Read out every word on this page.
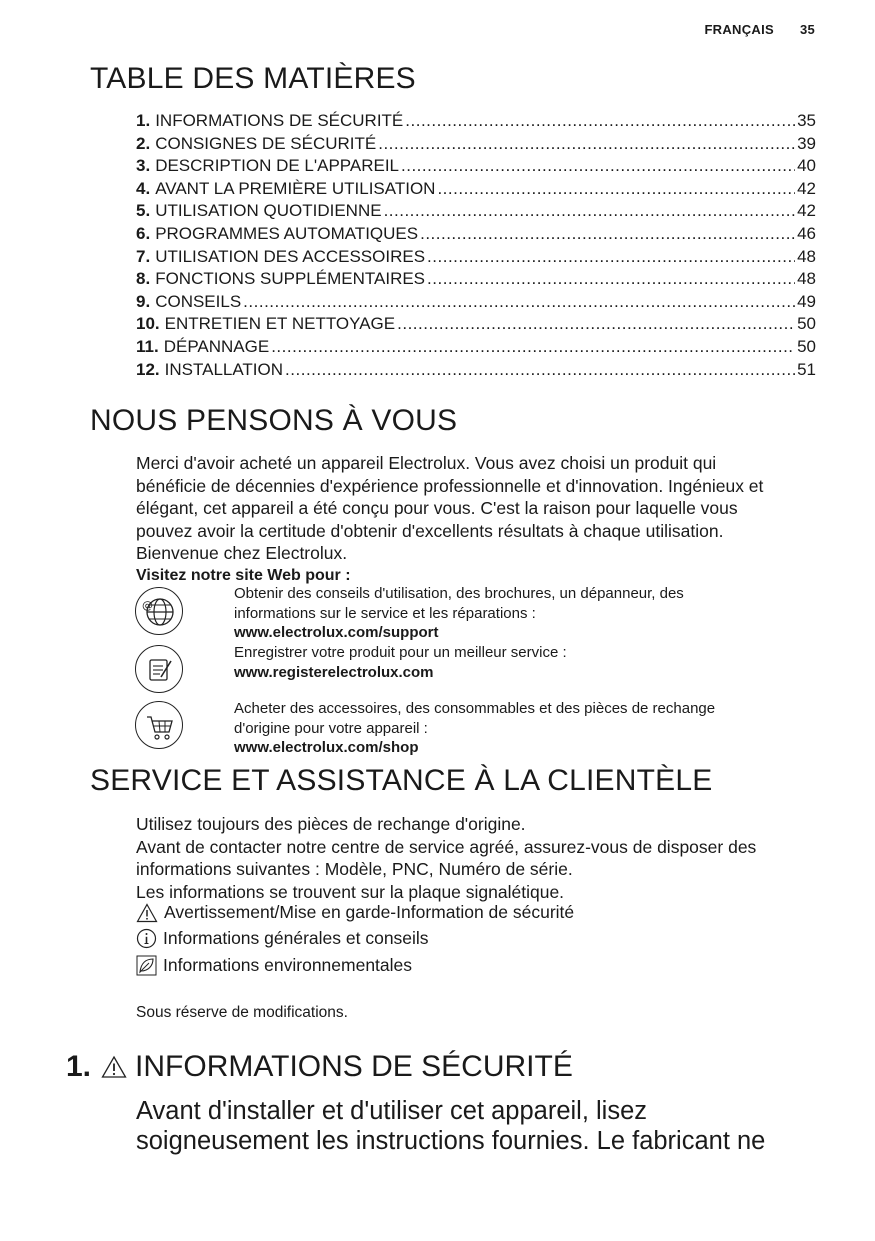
FRANÇAIS 35
TABLE DES MATIÈRES
1. INFORMATIONS DE SÉCURITÉ .....	35
2. CONSIGNES DE SÉCURITÉ .....	39
3. DESCRIPTION DE L'APPAREIL .....	40
4. AVANT LA PREMIÈRE UTILISATION .....	42
5. UTILISATION QUOTIDIENNE .....	42
6. PROGRAMMES AUTOMATIQUES .....	46
7. UTILISATION DES ACCESSOIRES .....	48
8. FONCTIONS SUPPLÉMENTAIRES .....	48
9. CONSEILS .....	49
10. ENTRETIEN ET NETTOYAGE .....	50
11. DÉPANNAGE .....	50
12. INSTALLATION .....	51
NOUS PENSONS À VOUS

Merci d'avoir acheté un appareil Electrolux. Vous avez choisi un produit qui

bénéficie de décennies d'expérience professionnelle et d'innovation. Ingénieux et

élégant, cet appareil a été conçu pour vous. C'est la raison pour laquelle vous

pouvez avoir la certitude d'obtenir d'excellents résultats à chaque utilisation.

Bienvenue chez Electrolux.

Visitez notre site Web pour :

@
Obtenir des conseils d'utilisation, des brochures, un dépanneur, des
informations sur le service et les réparations :
www.electrolux.com/support
Enregistrer votre produit pour un meilleur service :
www.registerelectrolux.com
Acheter des accessoires, des consommables et des pièces de rechange
d'origine pour votre appareil :
www.electrolux.com/shop
SERVICE ET ASSISTANCE À LA CLIENTÈLE

Utilisez toujours des pièces de rechange d'origine.

Avant de contacter notre centre de service agréé, assurez-vous de disposer des

informations suivantes : Modèle, PNC, Numéro de série.

Les informations se trouvent sur la plaque signalétique.

Avertissement/Mise en garde-Information de sécurité
Informations générales et conseils
Informations environnementales
Sous réserve de modifications.
1. INFORMATIONS DE SÉCURITÉ
Avant d'installer et d'utiliser cet appareil, lisez
soigneusement les instructions fournies. Le fabricant ne
